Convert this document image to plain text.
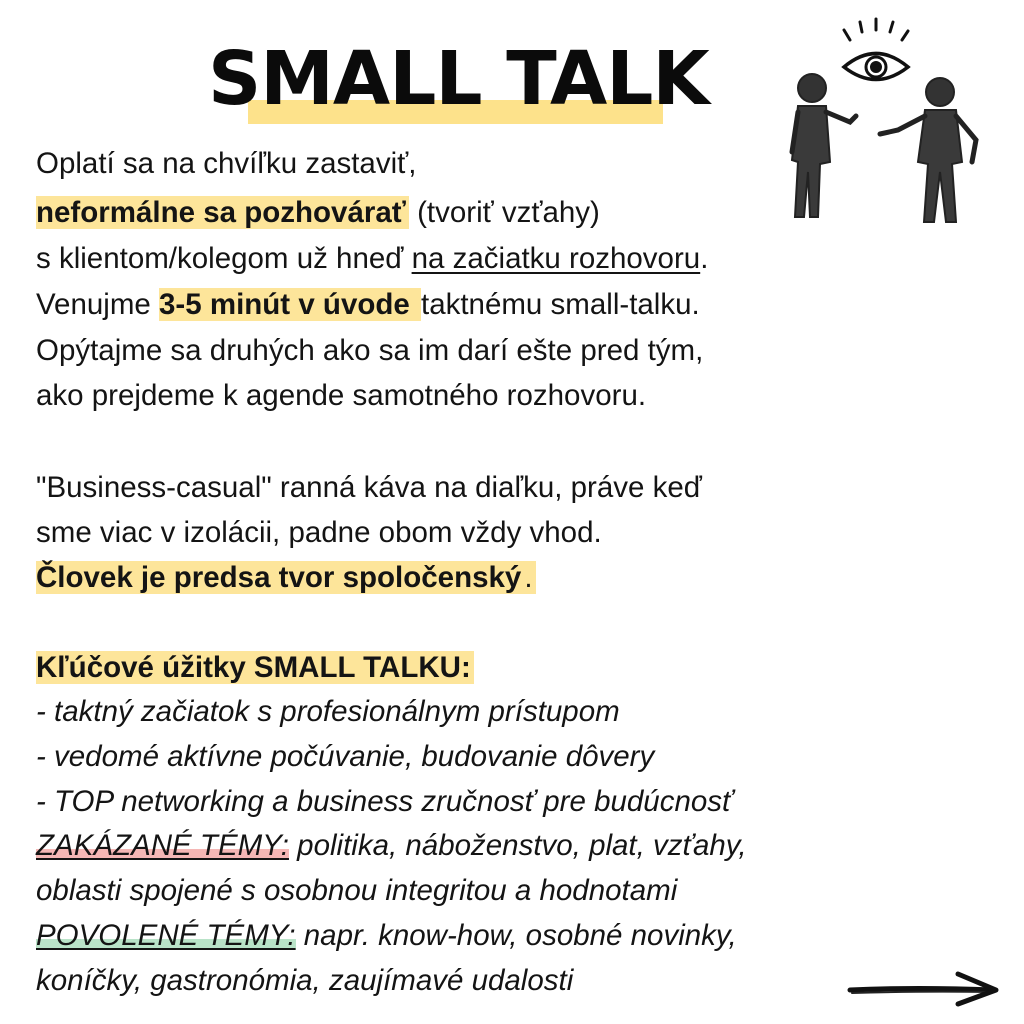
SMALL TALK
Oplatí sa na chvíľku zastaviť,
neformálne sa pozhovárať (tvoriť vzťahy)
s klientom/kolegom už hneď na začiatku rozhovoru.
Venujme 3-5 minút v úvode taktnému small-talku.
Opýtajme sa druhých ako sa im darí ešte pred tým,
ako prejdeme k agende samotného rozhovoru.
"Business-casual" ranná káva na diaľku, práve keď
sme viac v izolácii, padne obom vždy vhod.
Človek je predsa tvor spoločenský .
Kľúčové úžitky SMALL TALKU:
- taktný začiatok s profesionálnym prístupom
- vedomé aktívne počúvanie, budovanie dôvery
- TOP networking a business zručnosť pre budúcnosť
ZAKÁZANÉ TÉMY: politika, náboženstvo, plat, vzťahy,
oblasti spojené s osobnou integritou a hodnotami
POVOLENÉ TÉMY: napr. know-how, osobné novinky,
koníčky, gastronómia, zaujímavé udalosti
